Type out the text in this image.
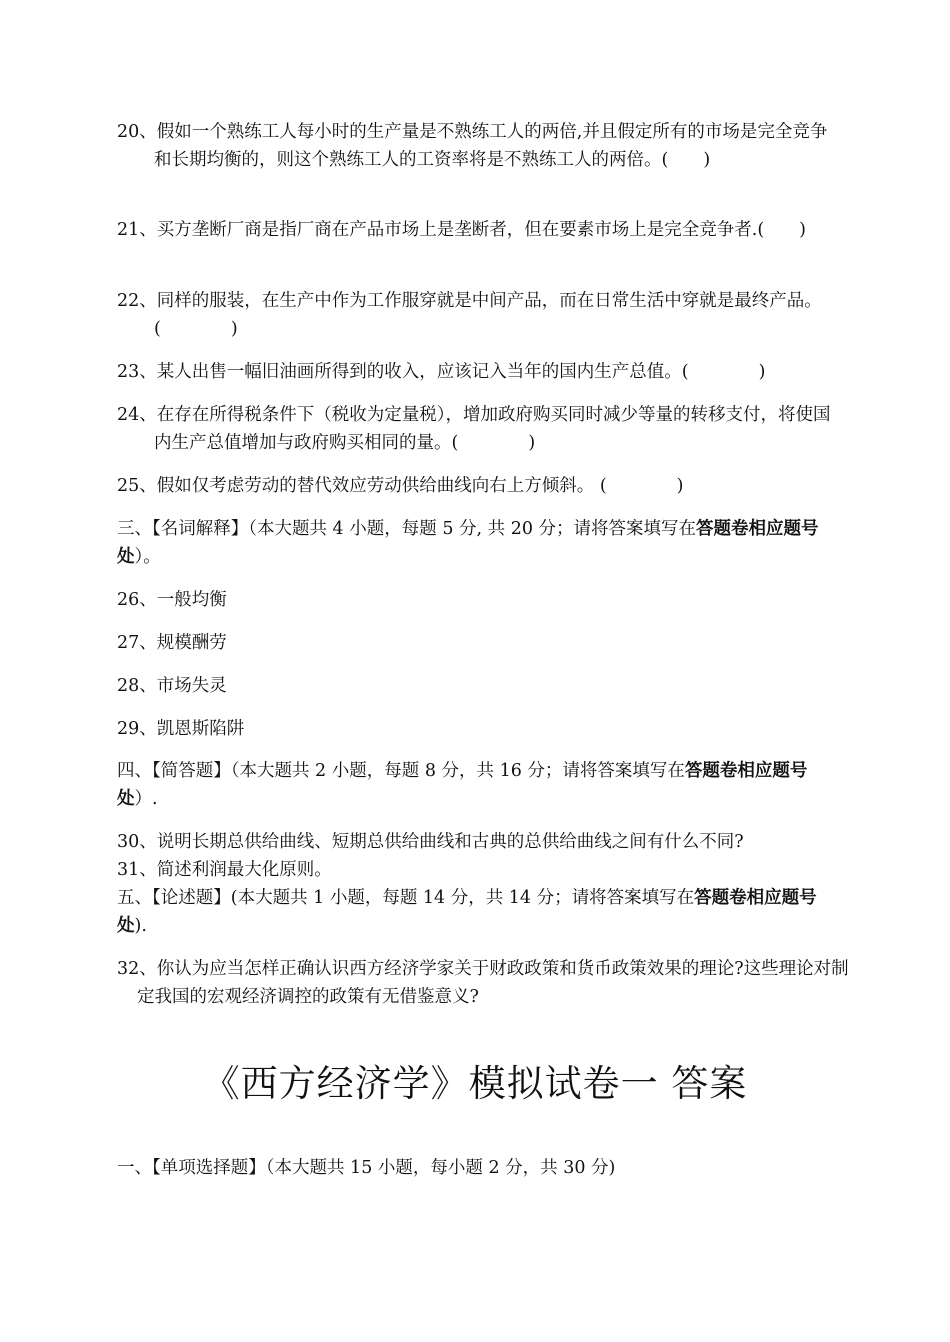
20、假如一个熟练工人每小时的生产量是不熟练工人的两倍,并且假定所有的市场是完全竞争和长期均衡的，则这个熟练工人的工资率将是不熟练工人的两倍。(　　)

21、买方垄断厂商是指厂商在产品市场上是垄断者，但在要素市场上是完全竞争者.(　　)

22、同样的服装，在生产中作为工作服穿就是中间产品，而在日常生活中穿就是最终产品。(　　　　)

23、某人出售一幅旧油画所得到的收入，应该记入当年的国内生产总值。(　　　　)

24、在存在所得税条件下（税收为定量税），增加政府购买同时减少等量的转移支付，将使国内生产总值增加与政府购买相同的量。(　　　　)

25、假如仅考虑劳动的替代效应劳动供给曲线向右上方倾斜。 (　　　　)

三、【名词解释】（本大题共 4 小题，每题 5 分, 共 20 分；请将答案填写在答题卷相应题号处）。

26、一般均衡

27、规模酬劳

28、市场失灵

29、凯恩斯陷阱

四、【简答题】（本大题共 2 小题，每题 8 分，共 16 分；请将答案填写在答题卷相应题号处）.

30、说明长期总供给曲线、短期总供给曲线和古典的总供给曲线之间有什么不同?

31、简述利润最大化原则。

五、【论述题】(本大题共 1 小题，每题 14 分，共 14 分；请将答案填写在答题卷相应题号处).

32、你认为应当怎样正确认识西方经济学家关于财政政策和货币政策效果的理论?这些理论对制定我国的宏观经济调控的政策有无借鉴意义?

《西方经济学》模拟试卷一 答案

一、【单项选择题】（本大题共 15 小题，每小题 2 分，共 30 分)
